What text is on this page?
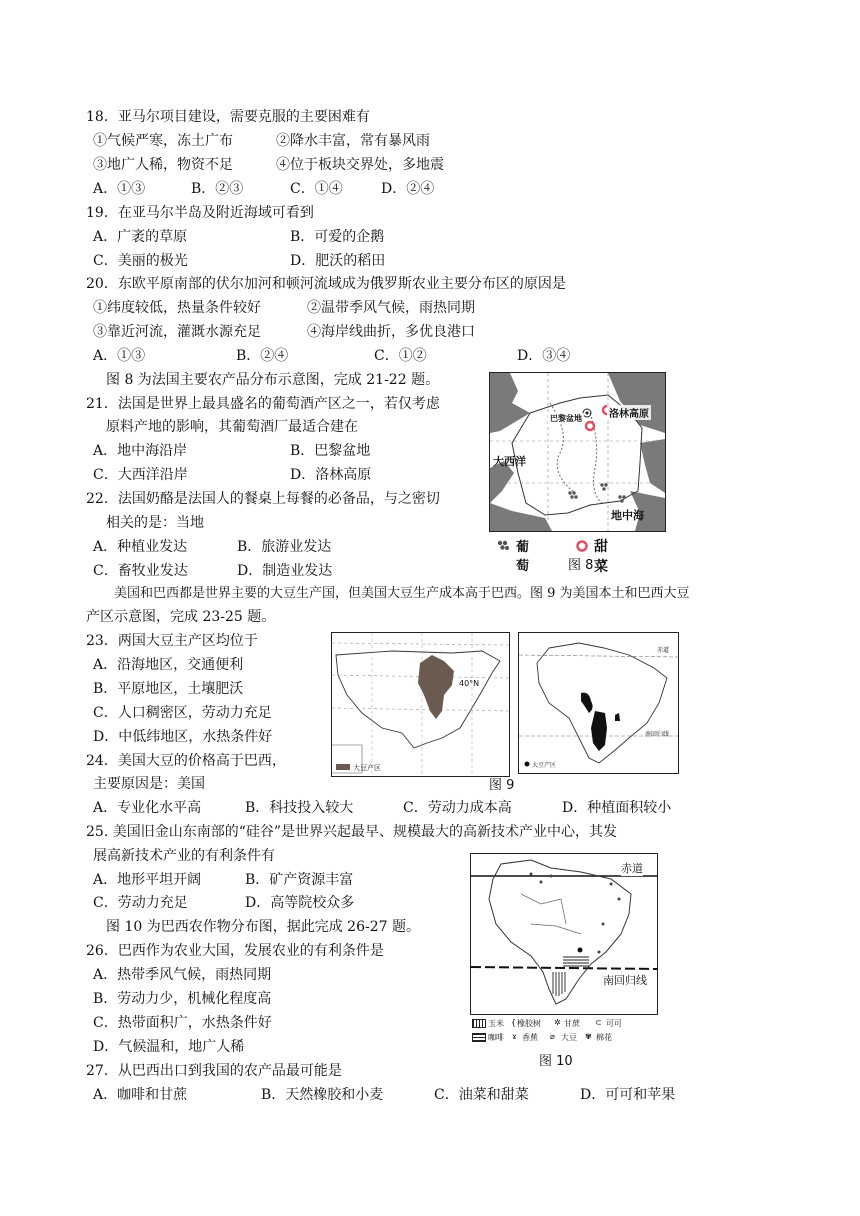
18．亚马尔项目建设，需要克服的主要困难有
①气候严寒，冻土广布	②降水丰富，常有暴风雨
③地广人稀，物资不足	④位于板块交界处，多地震
A．①③	B．②③	C．①④	D．②④
19．在亚马尔半岛及附近海域可看到
A．广袤的草原	B．可爱的企鹅
C．美丽的极光	D．肥沃的稻田
20．东欧平原南部的伏尔加河和顿河流域成为俄罗斯农业主要分布区的原因是
①纬度较低，热量条件较好	②温带季风气候，雨热同期
③靠近河流，灌溉水源充足	④海岸线曲折，多优良港口
A．①③	B．②④	C．①②	D．③④
图 8 为法国主要农产品分布示意图，完成 21-22 题。
21．法国是世界上最具盛名的葡萄酒产区之一，若仅考虑
原料产地的影响，其葡萄酒厂最适合建在
A．地中海沿岸	B．巴黎盆地
C．大西洋沿岸	D．洛林高原
22．法国奶酪是法国人的餐桌上每餐的必备品，与之密切
相关的是：当地
A．种植业发达	B．旅游业发达
C．畜牧业发达	D．制造业发达
巴黎盆地	洛林高原
大西洋
地中海
葡萄
甜菜
图 8
美国和巴西都是世界主要的大豆生产国，但美国大豆生产成本高于巴西。图 9 为美国本土和巴西大豆
产区示意图，完成 23-25 题。
23．两国大豆主产区均位于
A．沿海地区，交通便利
B．平原地区，土壤肥沃
C．人口稠密区，劳动力充足
D．中低纬地区，水热条件好
24．美国大豆的价格高于巴西，
主要原因是：美国
A．专业化水平高	B．科技投入较大	C．劳动力成本高	D．种植面积较小
40°N
大豆产区
赤道
南回归线
大豆产区
图 9
25. 美国旧金山东南部的“硅谷”是世界兴起最早、规模最大的高新技术产业中心，其发
展高新技术产业的有利条件有
A．地形平坦开阔	B．矿产资源丰富
C．劳动力充足	D．高等院校众多
图 10 为巴西农作物分布图，据此完成 26-27 题。
26．巴西作为农业大国，发展农业的有利条件是
A．热带季风气候，雨热同期
B．劳动力少，机械化程度高
C．热带面积广，水热条件好
D．气候温和，地广人稀
赤道
南回归线
玉米 { 橡胶树 ✲ 甘蔗 ⊂ 可可
咖啡 ɤ 香蕉 ⌀ 大豆 ✾ 棉花
图 10
27．从巴西出口到我国的农产品最可能是
A．咖啡和甘蔗	B．天然橡胶和小麦	C．油菜和甜菜	D．可可和苹果
